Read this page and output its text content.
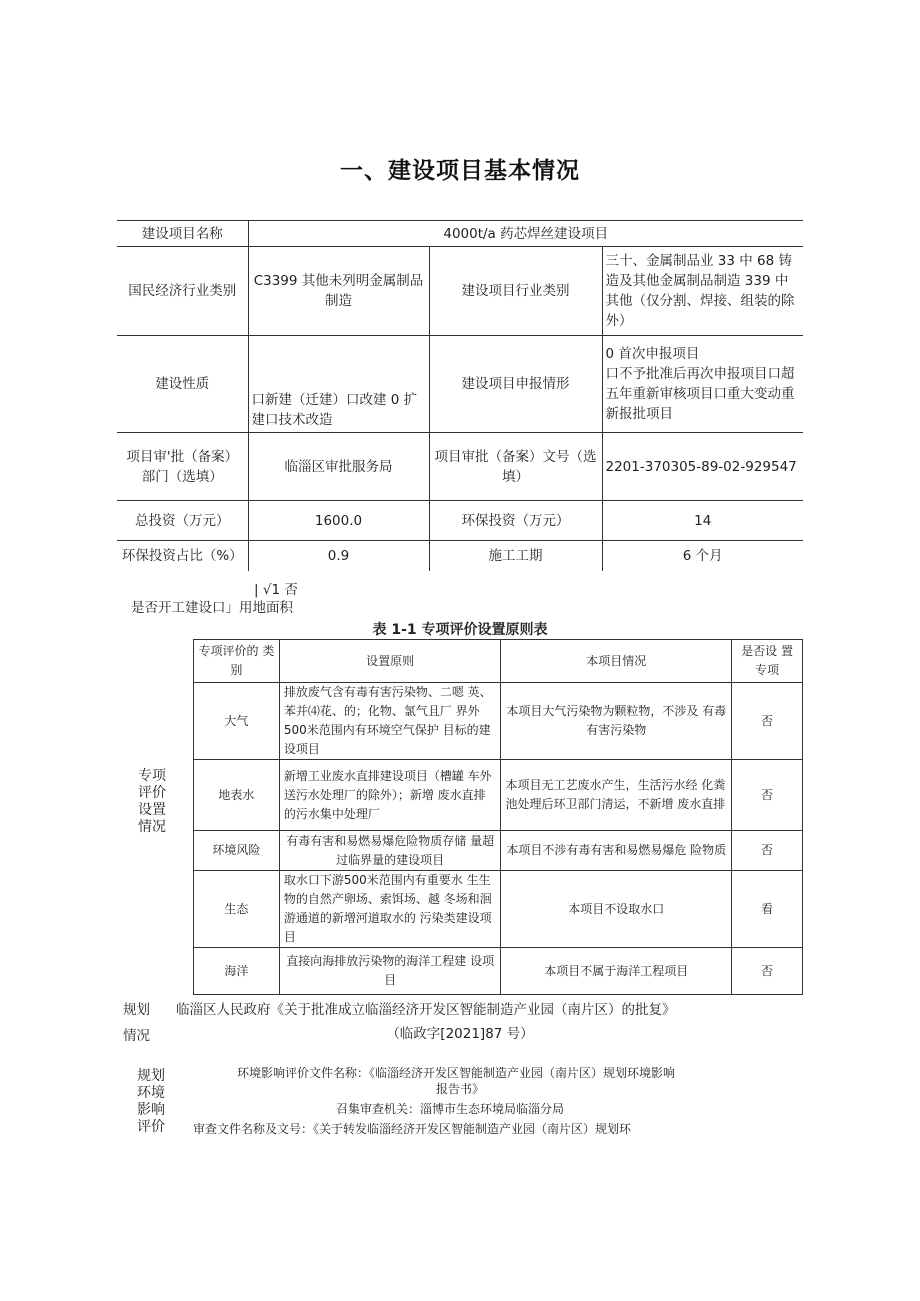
一、建设项目基本情况
建设项目名称	4000t/a 药芯焊丝建设项目		
国民经济行业类别	C3399 其他未列明金属制品制造	建设项目行业类别	三十、金属制品业 33 中 68 铸造及其他金属制品制造 339 中其他（仅分割、焊接、组装的除外）
建设性质	口新建（迁建）口改建 0 扩建口技术改造	建设项目申报情形	0 首次申报项目
口不予批准后再次申报项目口超五年重新审核项目口重大变动重新报批项目

项目审'批（备案）部门（选填）	临淄区审批服务局	项目审批（备案）文号（选填）	2201-370305-89-02-929547
总投资（万元）	1600.0	环保投资（万元）	14
环保投资占比（%）	0.9	施工工期	6 个月
| √1 否
是否开工建设口」用地面积
表 1-1 专项评价设置原则表
专项
评价
设置
情况
专项评价的 类别	设置原则	本项目情况	是否设 置专项
大气	排放废气含有毒有害污染物、二嗯 英、苯并⑷花、的；化物、氯气且厂 界外500米范围内有环境空气保护 目标的建设项目	本项目大气污染物为颗粒物，不涉及 有毒有害污染物	否
地表水	新增工业废水直排建设项目（槽罐 车外送污水处理厂的除外）；新增 废水直排的污水集中处理厂	本项目无工艺废水产生，生活污水经 化粪池处理后环卫部门清运，不新增 废水直排	否
环境风险	有毒有害和易燃易爆危险物质存储 量超过临界量的建设项目	本项目不涉有毒有害和易燃易爆危 险物质	否
生态	取水口下游500米范围内有重要水 生生物的自然产卵场、索饵场、越 冬场和洄游通道的新增河道取水的 污染类建设项目	本项目不设取水口	看
海洋	直接向海排放污染物的海洋工程建 设项目	本项目不属于海洋工程项目	否
规划
情况
临淄区人民政府《关于批准成立临淄经济开发区智能制造产业园（南片区）的批复》
（临政字[2021]87 号）
规划
环境
影响
评价
环境影响评价文件名称：《临淄经济开发区智能制造产业园（南片区）规划环境影响
报告书》
召集审查机关：淄博市生态环境局临淄分局
审查文件名称及文号：《关于转发临淄经济开发区智能制造产业园（南片区）规划环
